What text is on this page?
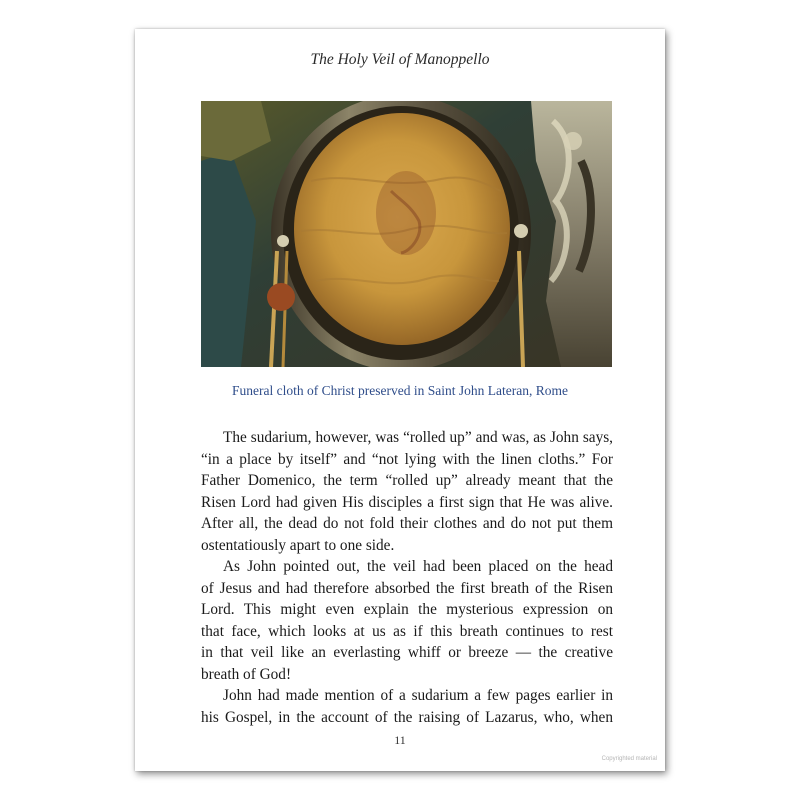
The Holy Veil of Manoppello
Funeral cloth of Christ preserved in Saint John Lateran, Rome

The sudarium, however, was “rolled up” and was, as John says,
“in a place by itself” and “not lying with the linen cloths.” For
Father Domenico, the term “rolled up” already meant that the
Risen Lord had given His disciples a first sign that He was alive.
After all, the dead do not fold their clothes and do not put them
ostentatiously apart to one side.

As John pointed out, the veil had been placed on the head
of Jesus and had therefore absorbed the first breath of the Risen
Lord. This might even explain the mysterious expression on
that face, which looks at us as if this breath continues to rest
in that veil like an everlasting whiff or breeze — the creative
breath of God!

John had made mention of a sudarium a few pages earlier in
his Gospel, in the account of the raising of Lazarus, who, when

11
Copyrighted material
